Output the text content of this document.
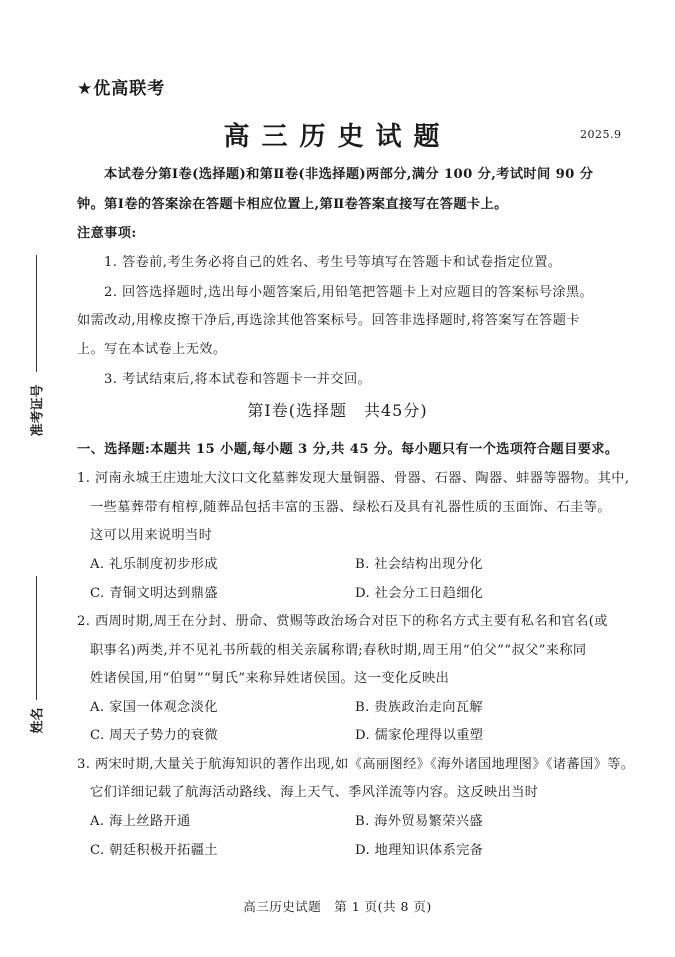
★优高联考
高三历史试题	2025.9
本试卷分第Ⅰ卷(选择题)和第Ⅱ卷(非选择题)两部分,满分 100 分,考试时间 90 分
钟。第Ⅰ卷的答案涂在答题卡相应位置上,第Ⅱ卷答案直接写在答题卡上。
注意事项:
1. 答卷前,考生务必将自己的姓名、考生号等填写在答题卡和试卷指定位置。
2. 回答选择题时,选出每小题答案后,用铅笔把答题卡上对应题目的答案标号涂黑。
如需改动,用橡皮擦干净后,再选涂其他答案标号。回答非选择题时,将答案写在答题卡
上。写在本试卷上无效。
3. 考试结束后,将本试卷和答题卡一并交回。
第Ⅰ卷(选择题　共45分)
一、选择题:本题共 15 小题,每小题 3 分,共 45 分。每小题只有一个选项符合题目要求。
1. 河南永城王庄遗址大汶口文化墓葬发现大量铜器、骨器、石器、陶器、蚌器等器物。其中,
一些墓葬带有棺椁,随葬品包括丰富的玉器、绿松石及具有礼器性质的玉面饰、石圭等。
这可以用来说明当时
A. 礼乐制度初步形成	B. 社会结构出现分化
C. 青铜文明达到鼎盛	D. 社会分工日趋细化
2. 西周时期,周王在分封、册命、赏赐等政治场合对臣下的称名方式主要有私名和官名(或
职事名)两类,并不见礼书所载的相关亲属称谓;春秋时期,周王用“伯父”“叔父”来称同
姓诸侯国,用“伯舅”“舅氏”来称异姓诸侯国。这一变化反映出
A. 家国一体观念淡化	B. 贵族政治走向瓦解
C. 周天子势力的衰微	D. 儒家伦理得以重塑
3. 两宋时期,大量关于航海知识的著作出现,如《高丽图经》《海外诸国地理图》《诸蕃国》等。
它们详细记载了航海活动路线、海上天气、季风洋流等内容。这反映出当时
A. 海上丝路开通	B. 海外贸易繁荣兴盛
C. 朝廷积极开拓疆土	D. 地理知识体系完备
准考证号
姓名
高三历史试题　第 1 页(共 8 页)
